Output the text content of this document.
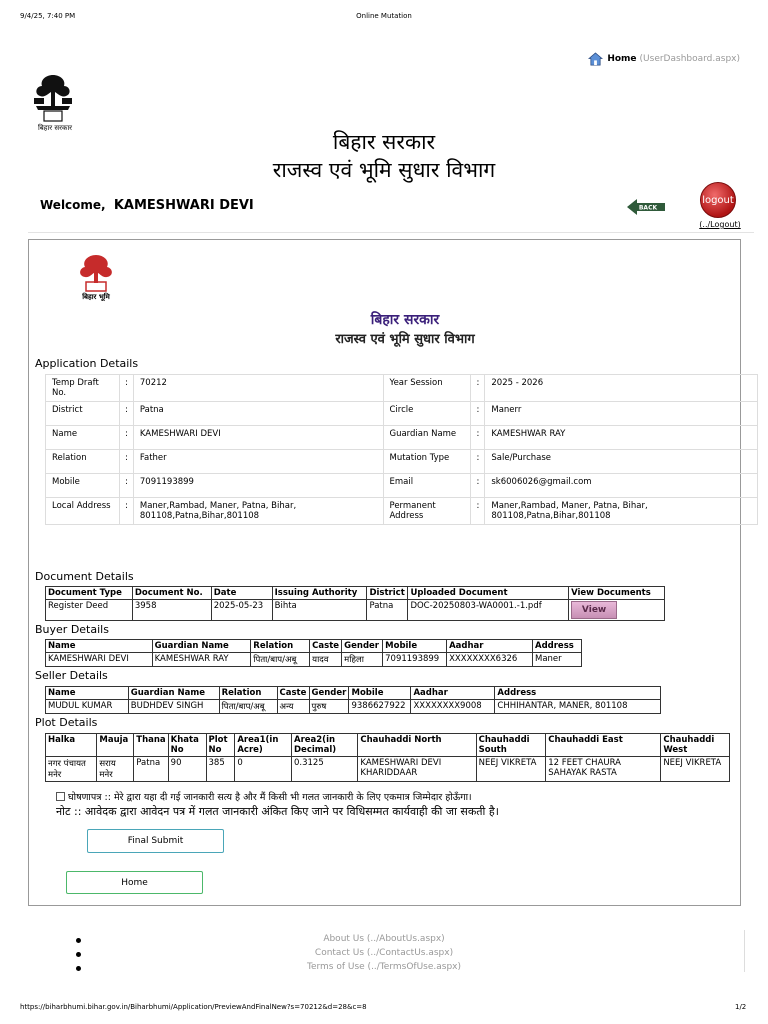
9/4/25, 7:40 PM	Online Mutation
बिहार सरकार
Home (UserDashboard.aspx)
बिहार सरकार
राजस्व एवं भूमि सुधार विभाग
Welcome, KAMESHWARI DEVI	BACK
logout
(../Logout)
बिहार भूमि
बिहार सरकार
राजस्व एवं भूमि सुधार विभाग
Application Details
Temp Draft No.	:	70212	Year Session	:	2025 - 2026
District	:	Patna	Circle	:	Manerr
Name	:	KAMESHWARI DEVI	Guardian Name	:	KAMESHWAR RAY
Relation	:	Father	Mutation Type	:	Sale/Purchase
Mobile	:	7091193899	Email	:	sk6006026@gmail.com
Local Address	:	Maner,Rambad, Maner, Patna, Bihar, 801108,Patna,Bihar,801108	Permanent Address	:	Maner,Rambad, Maner, Patna, Bihar, 801108,Patna,Bihar,801108
Document Details
Document Type	Document No.	Date	Issuing Authority	District	Uploaded Document	View Documents
Register Deed	3958	2025-05-23	Bihta	Patna	DOC-20250803-WA0001.-1.pdf	View
Buyer Details
Name	Guardian Name	Relation	Caste	Gender	Mobile	Aadhar	Address
KAMESHWARI DEVI	KAMESHWAR RAY	पिता/बाप/अबू	यादव	महिला	7091193899	XXXXXXXX6326	Maner
Seller Details
Name	Guardian Name	Relation	Caste	Gender	Mobile	Aadhar	Address
MUDUL KUMAR	BUDHDEV SINGH	पिता/बाप/अबू	अन्य	पुरुष	9386627922	XXXXXXXX9008	CHHIHANTAR, MANER, 801108
Plot Details
Halka	Mauja	Thana	Khata No	Plot No	Area1(in Acre)	Area2(in Decimal)	Chauhaddi North	Chauhaddi South	Chauhaddi East	Chauhaddi West
नगर पंचायत मनेर	सराय मनेर	Patna	90	385	0	0.3125	KAMESHWARI DEVI KHARIDDAAR	NEEJ VIKRETA	12 FEET CHAURA SAHAYAK RASTA	NEEJ VIKRETA
घोषणापत्र :: मेरे द्वारा यहा दी गई जानकारी सत्य है और मैं किसी भी गलत जानकारी के लिए एकमात्र जिम्मेदार होऊँगा।
नोट :: आवेदक द्वारा आवेदन पत्र में गलत जानकारी अंकित किए जाने पर विधिसम्मत कार्यवाही की जा सकती है।
Final Submit
Home
About Us (../AboutUs.aspx)
Contact Us (../ContactUs.aspx)
Terms of Use (../TermsOfUse.aspx)
https://biharbhumi.bihar.gov.in/Biharbhumi/Application/PreviewAndFinalNew?s=70212&d=28&c=8	1/2
